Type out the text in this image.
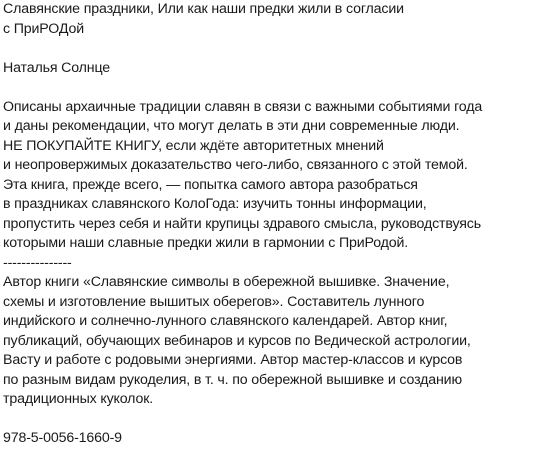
Славянские праздники, Или как наши предки жили в согласии
с ПриРОДой
Наталья Солнце
Описаны архаичные традиции славян в связи с важными событиями года
и даны рекомендации, что могут делать в эти дни современные люди.
НЕ ПОКУПАЙТЕ КНИГУ, если ждёте авторитетных мнений
и неопровержимых доказательство чего-либо, связанного с этой темой.
Эта книга, прежде всего, — попытка самого автора разобраться
в праздниках славянского КолоГода: изучить тонны информации,
пропустить через себя и найти крупицы здравого смысла, руководствуясь
которыми наши славные предки жили в гармонии с ПриРодой.
---------------
Автор книги «Славянские символы в обережной вышивке. Значение,
схемы и изготовление вышитых оберегов». Составитель лунного
индийского и солнечно-лунного славянского календарей. Автор книг,
публикаций, обучающих вебинаров и курсов по Ведической астрологии,
Васту и работе с родовыми энергиями. Автор мастер-классов и курсов
по разным видам рукоделия, в т. ч. по обережной вышивке и созданию
традиционных куколок.
978-5-0056-1660-9
